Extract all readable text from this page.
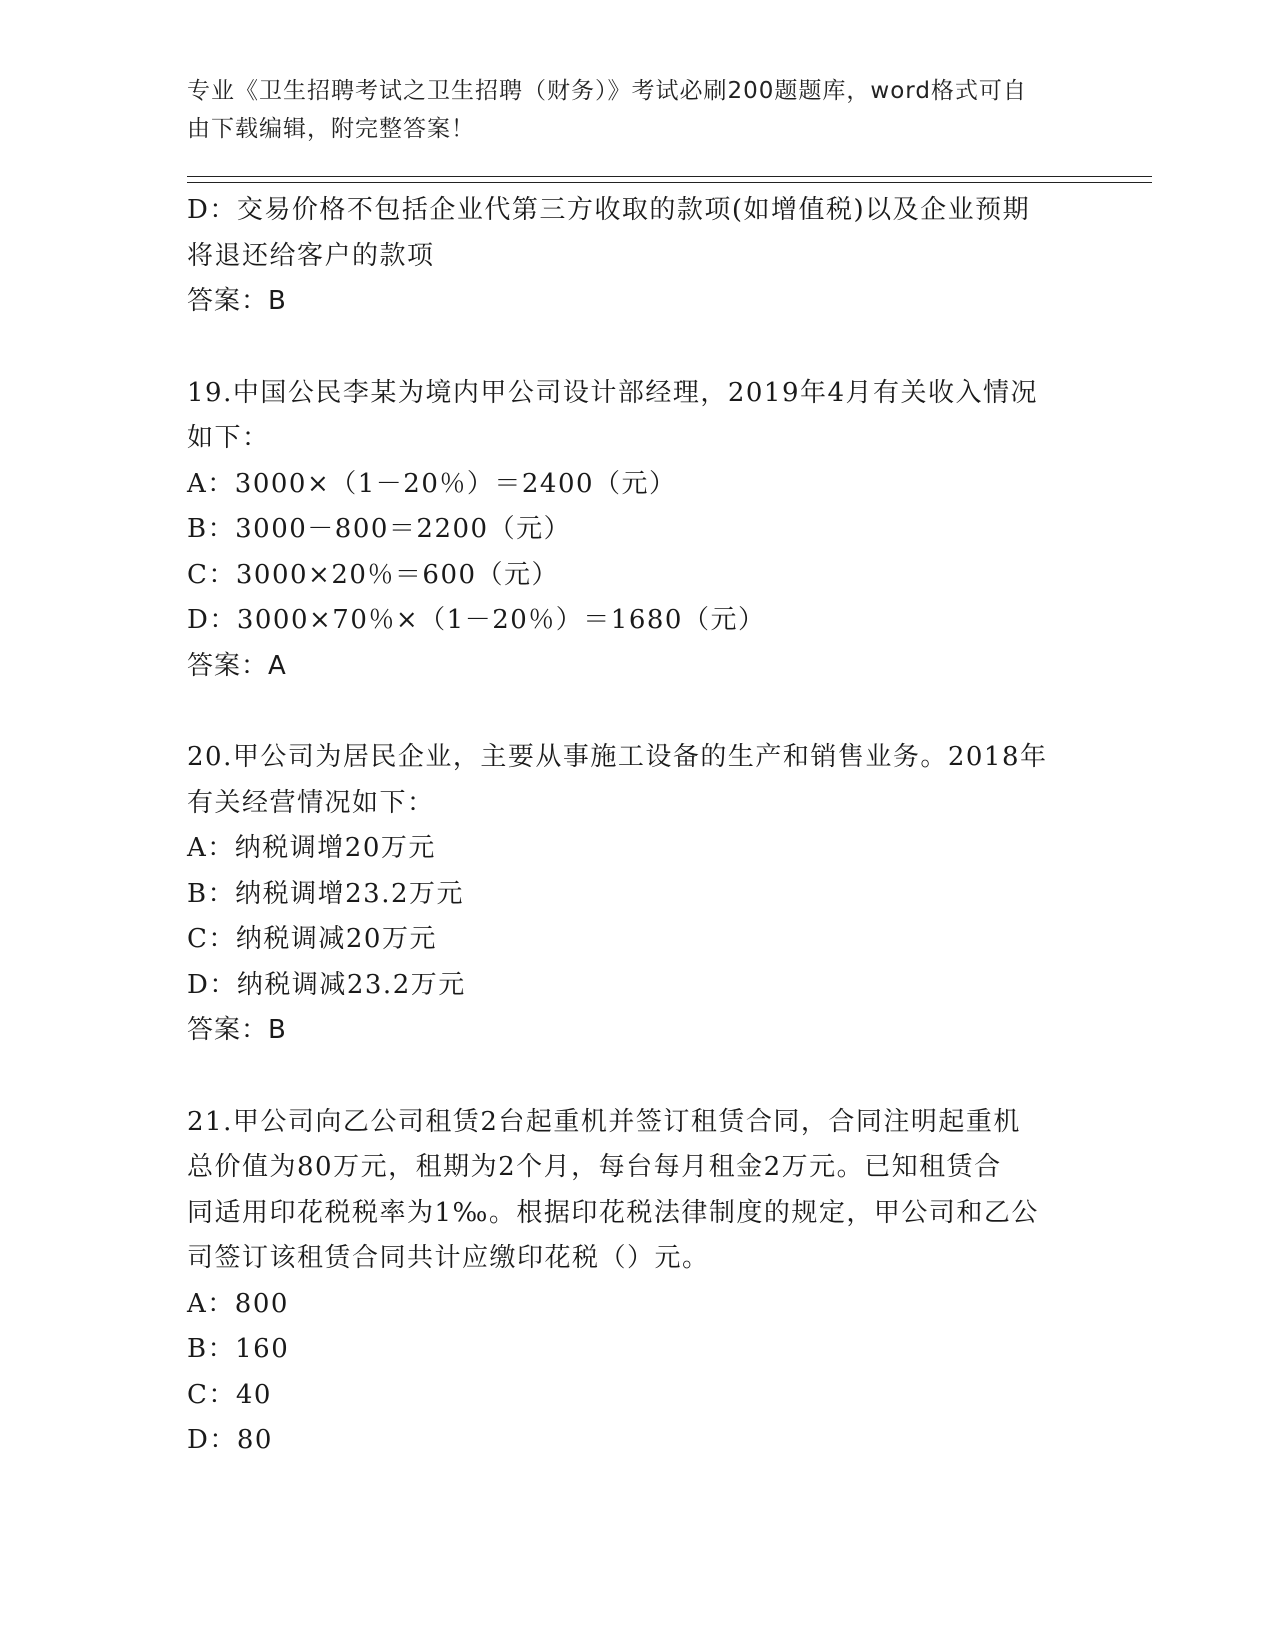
专业《卫生招聘考试之卫生招聘（财务）》考试必刷200题题库，word格式可自
由下载编辑，附完整答案！
D：交易价格不包括企业代第三方收取的款项(如增值税)以及企业预期
将退还给客户的款项
答案：B
19.中国公民李某为境内甲公司设计部经理，2019年4月有关收入情况
如下：
A：3000×（1－20％）＝2400（元）
B：3000－800＝2200（元）
C：3000×20％＝600（元）
D：3000×70％×（1－20％）＝1680（元）
答案：A
20.甲公司为居民企业，主要从事施工设备的生产和销售业务。2018年
有关经营情况如下：
A：纳税调增20万元
B：纳税调增23.2万元
C：纳税调减20万元
D：纳税调减23.2万元
答案：B
21.甲公司向乙公司租赁2台起重机并签订租赁合同，合同注明起重机
总价值为80万元，租期为2个月，每台每月租金2万元。已知租赁合
同适用印花税税率为1‰。根据印花税法律制度的规定，甲公司和乙公
司签订该租赁合同共计应缴印花税（）元。
A：800
B：160
C：40
D：80
